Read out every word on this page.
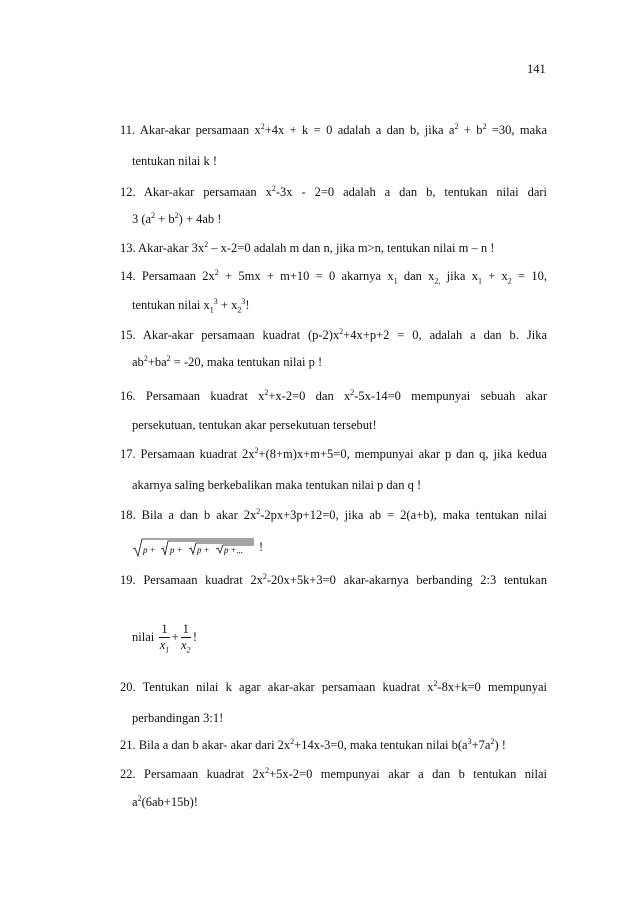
141
11. Akar-akar persamaan $x^2+4x + k = 0$ adalah a dan b, jika $a^2 + b^2 =30$, maka
tentukan nilai k !
12. Akar-akar persamaan $x^2-3x - 2=0$ adalah a dan b, tentukan nilai dari
3 $(a^2 + b^2) + 4ab$ !
13. Akar-akar $3x^2 - x-2=0$ adalah m dan n, jika m>n, tentukan nilai m – n !
14. Persamaan $2x^2 + 5mx + m+10 = 0$ akarnya $x_1$ dan $x_{2,}$ jika $x_1 + x_2 = 10$,
tentukan nilai $x_1^3 + x_2^3$!
15. Akar-akar persamaan kuadrat $(p-2)x^2+4x+p+2 = 0$, adalah a dan b. Jika
$ab^2+ba^2 = -20$, maka tentukan nilai p !
16. Persamaan kuadrat $x^2+x-2=0$ dan $x^2-5x-14=0$ mempunyai sebuah akar
persekutuan, tentukan akar persekutuan tersebut!
17. Persamaan kuadrat $2x^2+(8+m)x+m+5=0$, mempunyai akar p dan q, jika kedua
akarnya saling berkebalikan maka tentukan nilai p dan q !
18. Bila a dan b akar $2x^2-2px+3p+12=0$, jika ab = 2(a+b), maka tentukan nilai
p	p	p	p
+ + + +... !
19. Persamaan kuadrat $2x^2-20x+5k+3=0$ akar-akarnya berbanding 2:3 tentukan
nilai $\frac{1}{x_1} + \frac{1}{x_2}$ !
20. Tentukan nilai k agar akar-akar persamaan kuadrat $x^2-8x+k=0$ mempunyai
perbandingan 3:1!
21. Bila a dan b akar- akar dari $2x^2+14x-3=0$, maka tentukan nilai $b(a^3+7a^2)$ !
22. Persamaan kuadrat $2x^2+5x-2=0$ mempunyai akar a dan b tentukan nilai
$a^2(6ab+15b)$!
